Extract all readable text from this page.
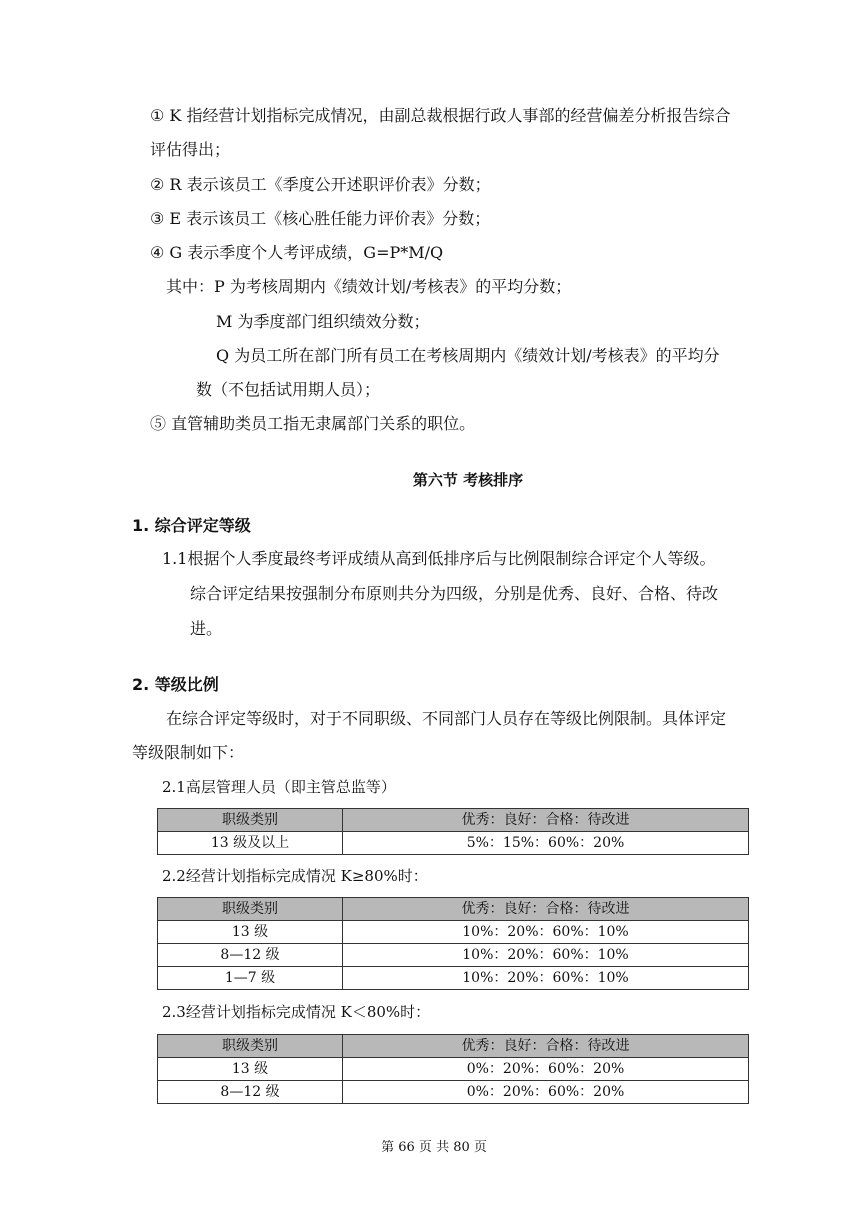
① K 指经营计划指标完成情况，由副总裁根据行政人事部的经营偏差分析报告综合
评估得出；
② R 表示该员工《季度公开述职评价表》分数；
③ E 表示该员工《核心胜任能力评价表》分数；
④ G 表示季度个人考评成绩，G=P*M/Q
其中：P 为考核周期内《绩效计划/考核表》的平均分数；
M 为季度部门组织绩效分数；
Q 为员工所在部门所有员工在考核周期内《绩效计划/考核表》的平均分
数（不包括试用期人员）；
⑤ 直管辅助类员工指无隶属部门关系的职位。
第六节 考核排序
1. 综合评定等级
1.1根据个人季度最终考评成绩从高到低排序后与比例限制综合评定个人等级。
综合评定结果按强制分布原则共分为四级，分别是优秀、良好、合格、待改
进。
2. 等级比例
在综合评定等级时，对于不同职级、不同部门人员存在等级比例限制。具体评定
等级限制如下：
2.1高层管理人员（即主管总监等）
职级类别	优秀：良好：合格：待改进
13 级及以上	5%：15%：60%：20%
2.2经营计划指标完成情况 K≥80%时：
职级类别	优秀：良好：合格：待改进
13 级	10%：20%：60%：10%
8—12 级	10%：20%：60%：10%
1—7 级	10%：20%：60%：10%
2.3经营计划指标完成情况 K＜80%时：
职级类别	优秀：良好：合格：待改进
13 级	0%：20%：60%：20%
8—12 级	0%：20%：60%：20%
第 66 页 共 80 页
